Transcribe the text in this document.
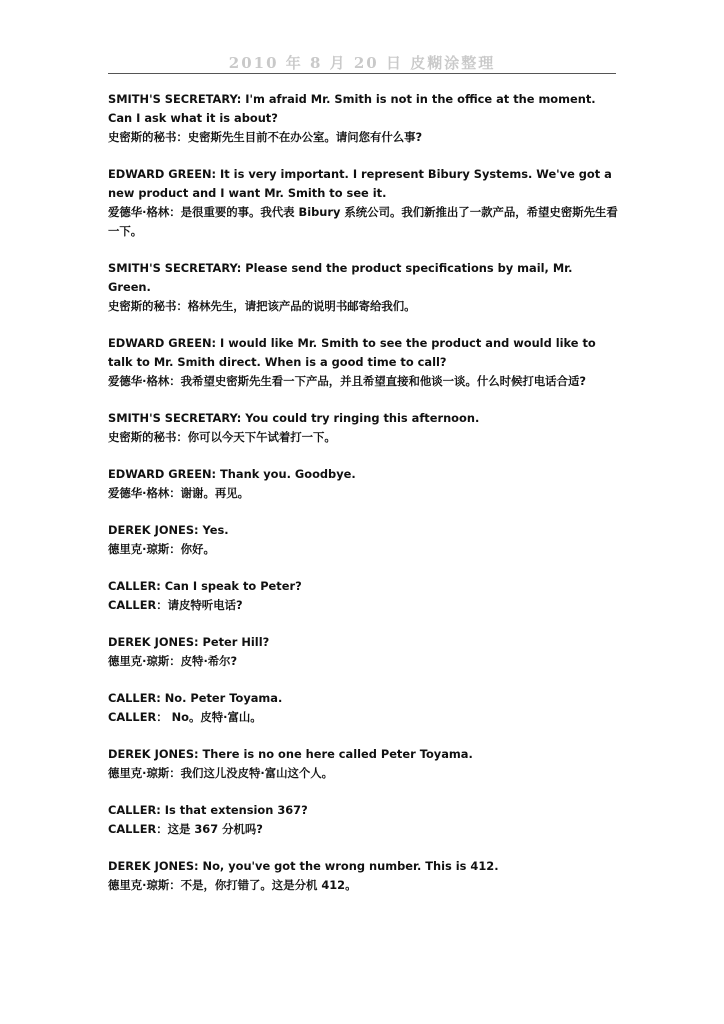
2010 年 8 月 20 日 皮糊涂整理
SMITH'S SECRETARY: I'm afraid Mr. Smith is not in the office at the moment. Can I ask what it is about?
史密斯的秘书：史密斯先生目前不在办公室。请问您有什么事?
EDWARD GREEN: It is very important. I represent Bibury Systems. We've got a new product and I want Mr. Smith to see it.
爱德华·格林：是很重要的事。我代表 Bibury 系统公司。我们新推出了一款产品，希望史密斯先生看一下。
SMITH'S SECRETARY: Please send the product specifications by mail, Mr. Green.
史密斯的秘书：格林先生，请把该产品的说明书邮寄给我们。
EDWARD GREEN: I would like Mr. Smith to see the product and would like to talk to Mr. Smith direct. When is a good time to call?
爱德华·格林：我希望史密斯先生看一下产品，并且希望直接和他谈一谈。什么时候打电话合适?
SMITH'S SECRETARY: You could try ringing this afternoon.
史密斯的秘书：你可以今天下午试着打一下。
EDWARD GREEN: Thank you. Goodbye.
爱德华·格林：谢谢。再见。
DEREK JONES: Yes.
德里克·琼斯：你好。
CALLER: Can I speak to Peter?
CALLER：请皮特听电话?
DEREK JONES: Peter Hill?
德里克·琼斯：皮特·希尔?
CALLER: No. Peter Toyama.
CALLER： No。皮特·富山。
DEREK JONES: There is no one here called Peter Toyama.
德里克·琼斯：我们这儿没皮特·富山这个人。
CALLER: Is that extension 367?
CALLER：这是 367 分机吗?
DEREK JONES: No, you've got the wrong number. This is 412.
德里克·琼斯：不是，你打错了。这是分机 412。
